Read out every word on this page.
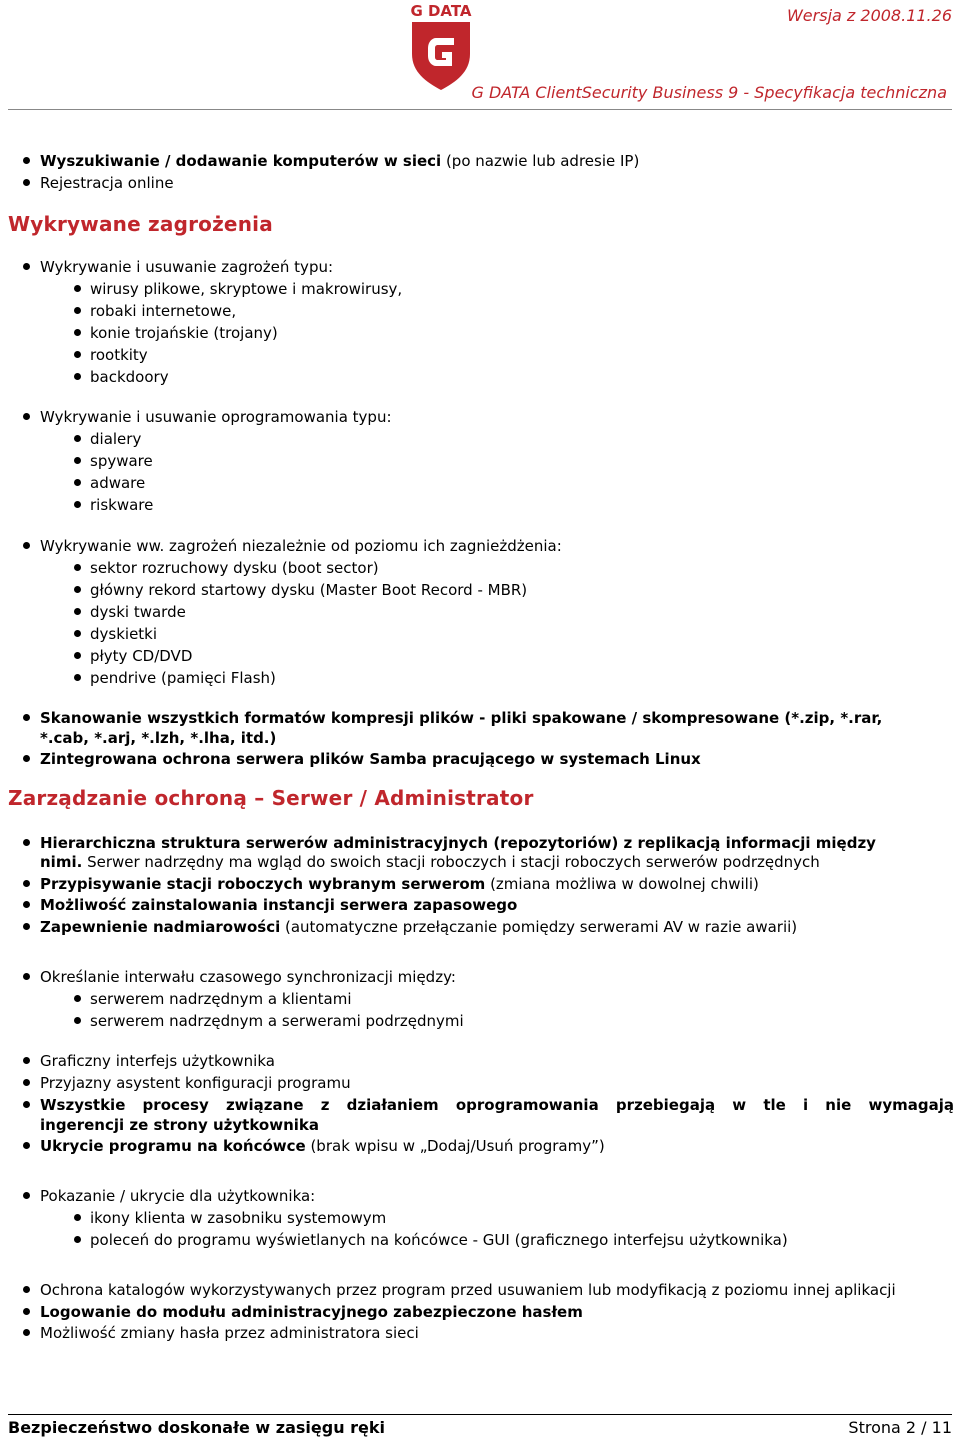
G DATA	Wersja z 2008.11.26
G DATA ClientSecurity Business 9 - Specyfikacja techniczna
Wyszukiwanie / dodawanie komputerów w sieci (po nazwie lub adresie IP)
Rejestracja online
Wykrywane zagrożenia
Wykrywanie i usuwanie zagrożeń typu:
wirusy plikowe, skryptowe i makrowirusy,
robaki internetowe,
konie trojańskie (trojany)
rootkity
backdoory
Wykrywanie i usuwanie oprogramowania typu:
dialery
spyware
adware
riskware
Wykrywanie ww. zagrożeń niezależnie od poziomu ich zagnieżdżenia:
sektor rozruchowy dysku (boot sector)
główny rekord startowy dysku (Master Boot Record - MBR)
dyski twarde
dyskietki
płyty CD/DVD
pendrive (pamięci Flash)
Skanowanie wszystkich formatów kompresji plików - pliki spakowane / skompresowane (*.zip, *.rar,
*.cab, *.arj, *.lzh, *.lha, itd.)
Zintegrowana ochrona serwera plików Samba pracującego w systemach Linux
Zarządzanie ochroną – Serwer / Administrator
Hierarchiczna struktura serwerów administracyjnych (repozytoriów) z replikacją informacji między
nimi. Serwer nadrzędny ma wgląd do swoich stacji roboczych i stacji roboczych serwerów podrzędnych
Przypisywanie stacji roboczych wybranym serwerom (zmiana możliwa w dowolnej chwili)
Możliwość zainstalowania instancji serwera zapasowego
Zapewnienie nadmiarowości (automatyczne przełączanie pomiędzy serwerami AV w razie awarii)
Określanie interwału czasowego synchronizacji między:
serwerem nadrzędnym a klientami
serwerem nadrzędnym a serwerami podrzędnymi
Graficzny interfejs użytkownika
Przyjazny asystent konfiguracji programu
Wszystkie procesy związane z działaniem oprogramowania przebiegają w tle i nie wymagają
ingerencji ze strony użytkownika
Ukrycie programu na końcówce (brak wpisu w „Dodaj/Usuń programy”)
Pokazanie / ukrycie dla użytkownika:
ikony klienta w zasobniku systemowym
poleceń do programu wyświetlanych na końcówce - GUI (graficznego interfejsu użytkownika)
Ochrona katalogów wykorzystywanych przez program przed usuwaniem lub modyfikacją z poziomu innej aplikacji
Logowanie do modułu administracyjnego zabezpieczone hasłem
Możliwość zmiany hasła przez administratora sieci
Bezpieczeństwo doskonałe w zasięgu ręki	Strona 2 / 11
